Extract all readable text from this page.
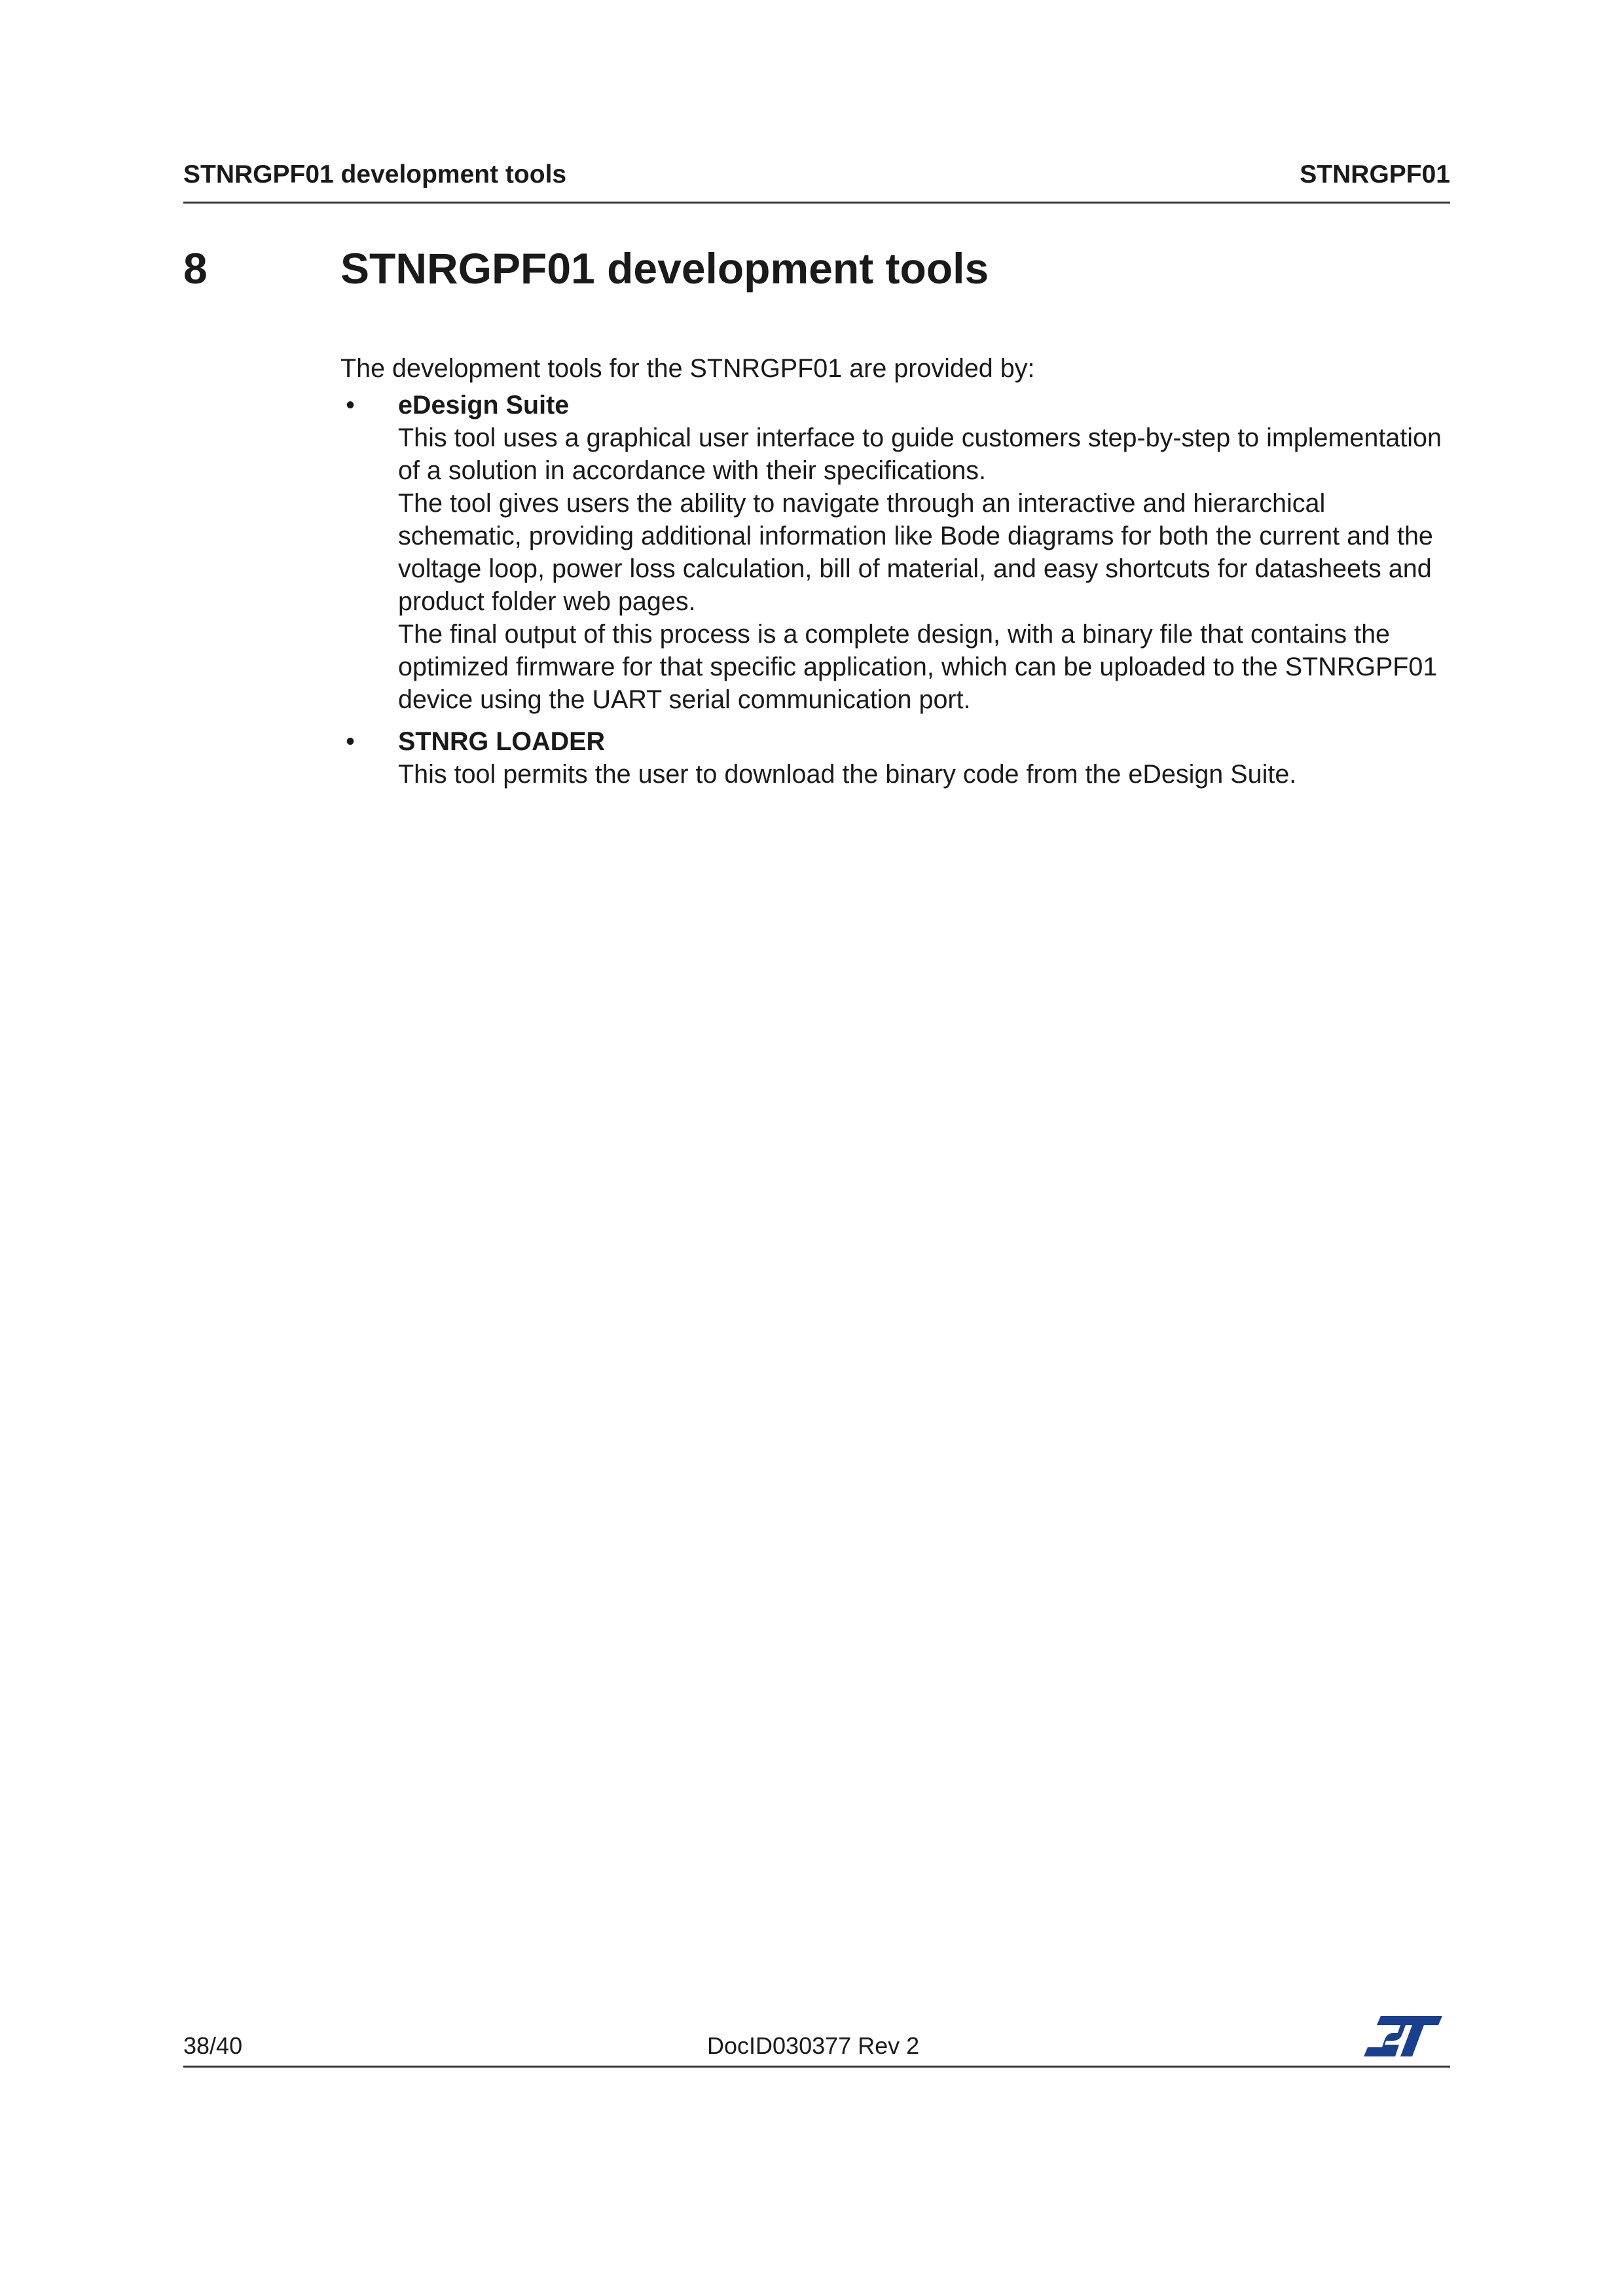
STNRGPF01 development tools	STNRGPF01
8	STNRGPF01 development tools

The development tools for the STNRGPF01 are provided by:

• eDesign Suite
This tool uses a graphical user interface to guide customers step-by-step to implementation of a solution in accordance with their specifications.
The tool gives users the ability to navigate through an interactive and hierarchical schematic, providing additional information like Bode diagrams for both the current and the voltage loop, power loss calculation, bill of material, and easy shortcuts for datasheets and product folder web pages.
The final output of this process is a complete design, with a binary file that contains the optimized firmware for that specific application, which can be uploaded to the STNRGPF01 device using the UART serial communication port.
• STNRG LOADER
This tool permits the user to download the binary code from the eDesign Suite.
38/40	DocID030377 Rev 2
